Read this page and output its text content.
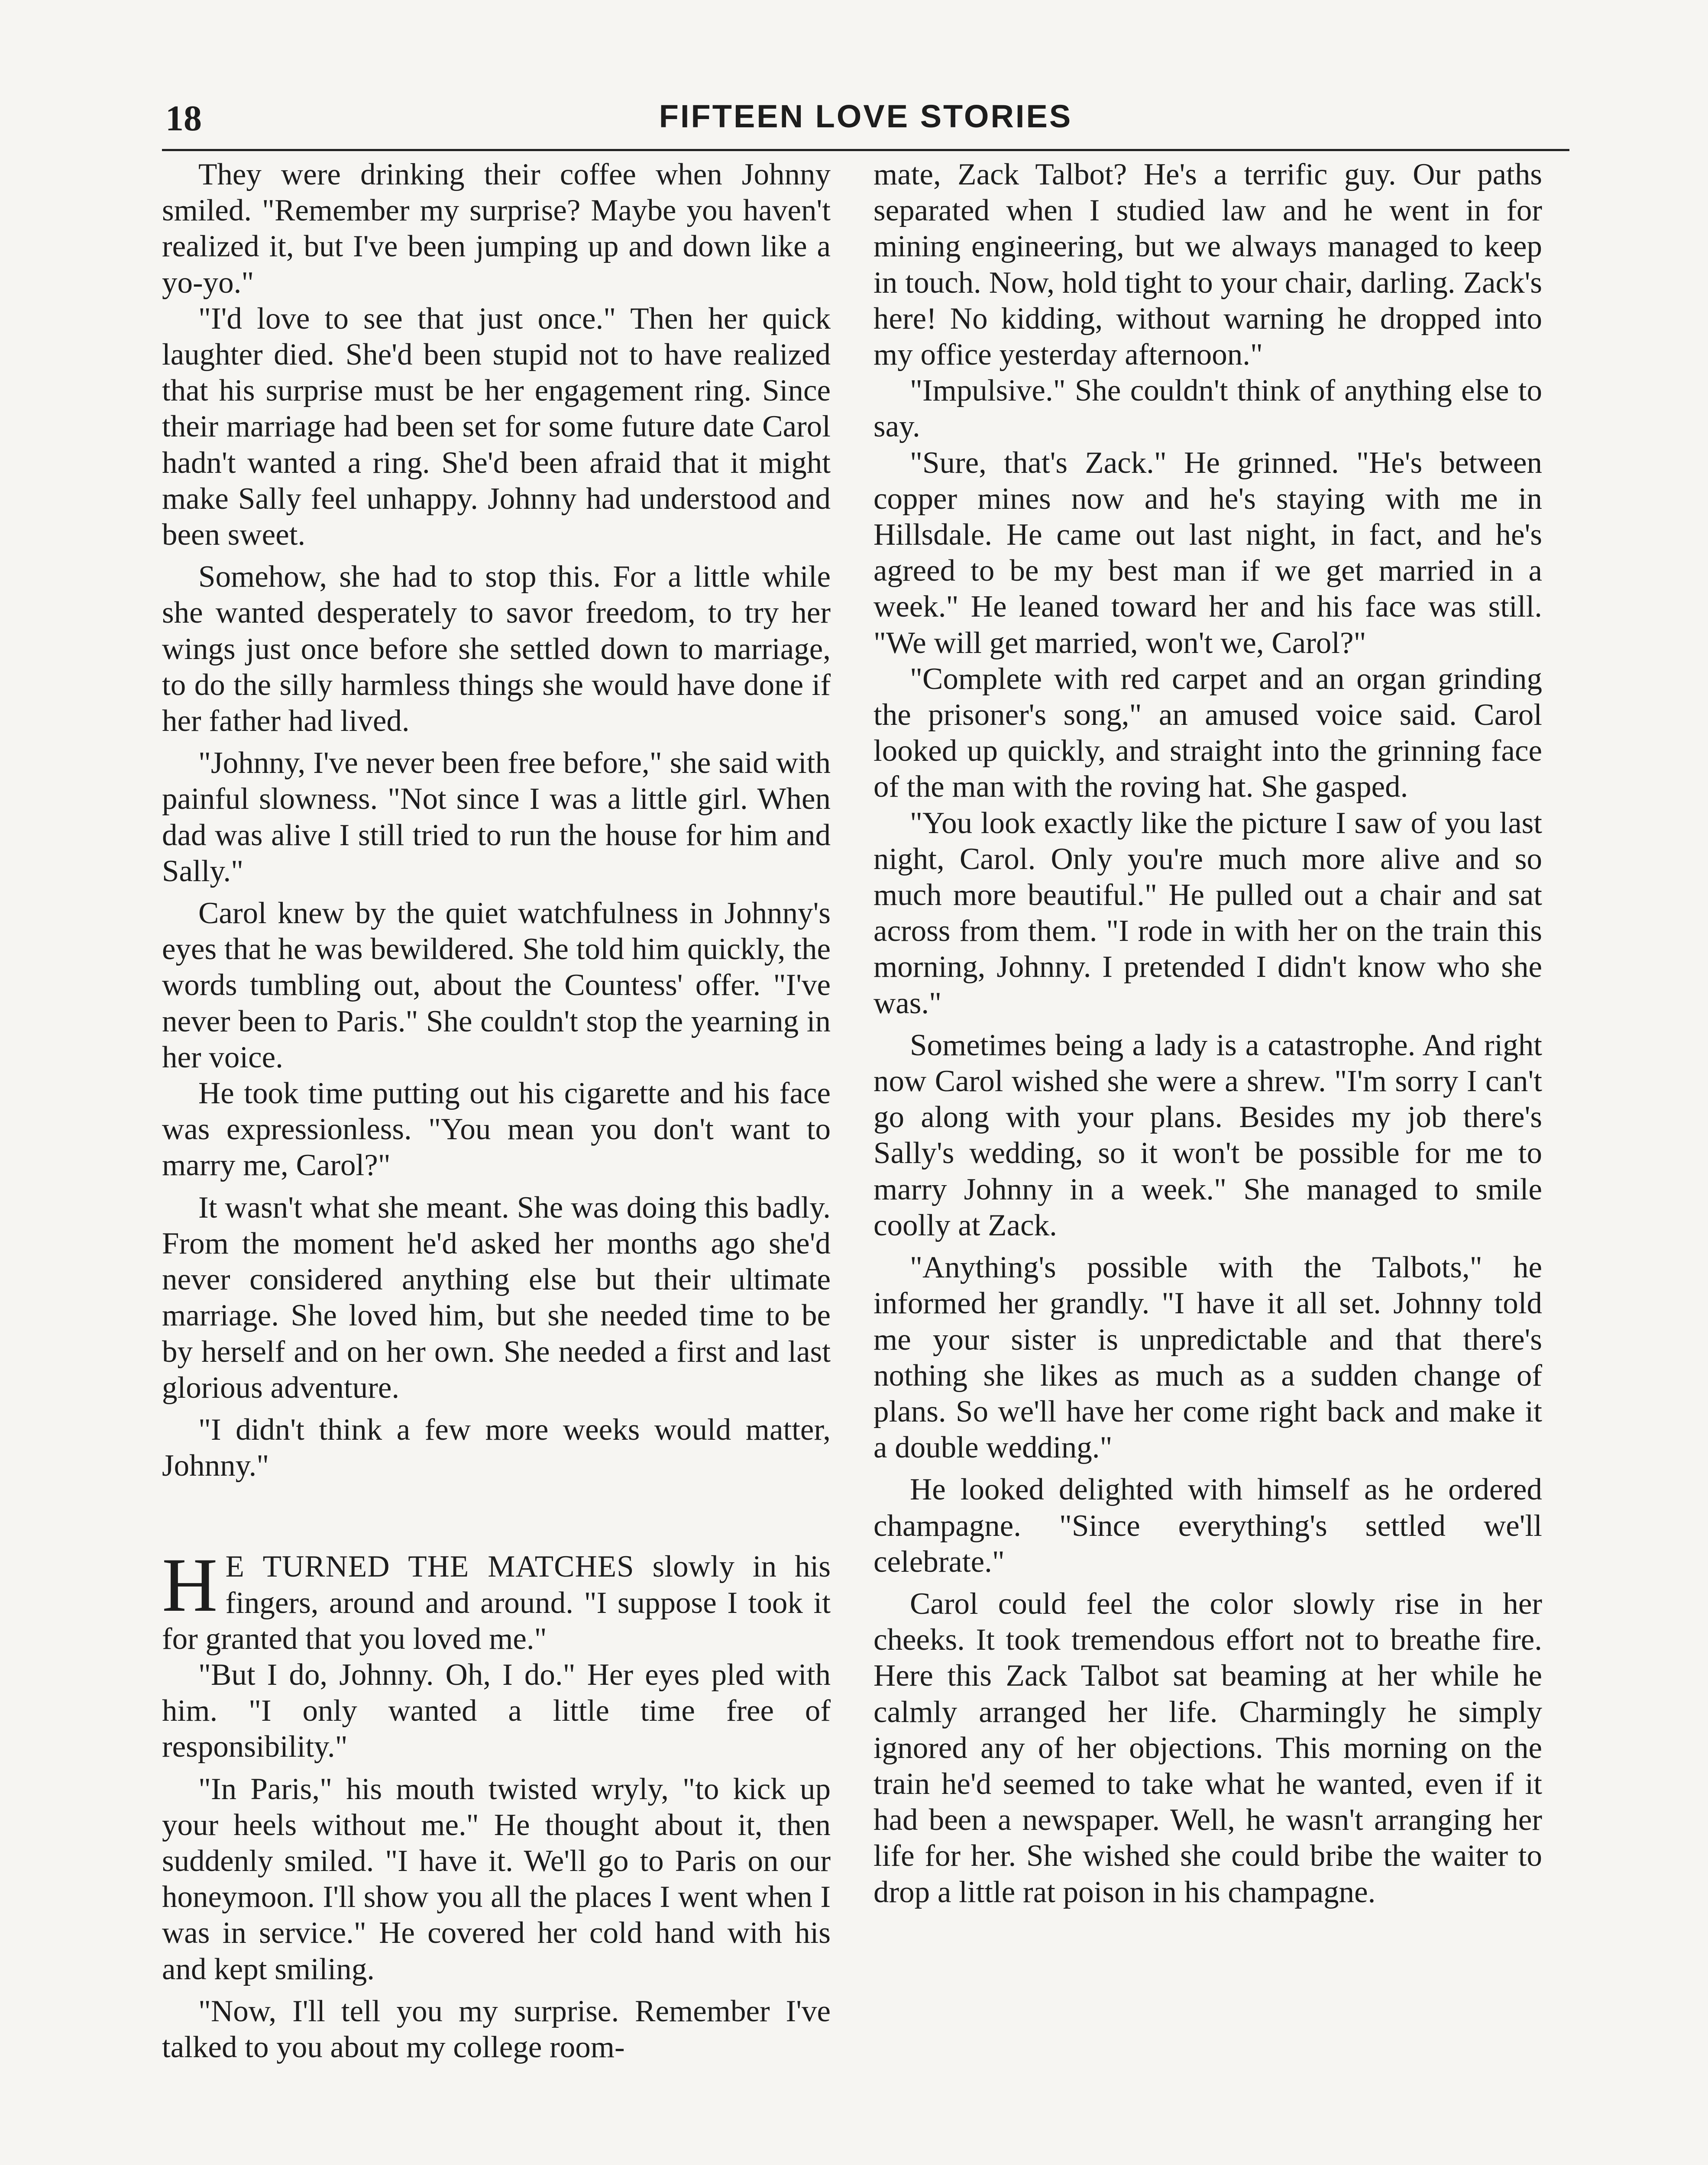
18	FIFTEEN LOVE STORIES

They were drinking their coffee when Johnny smiled. "Remember my surprise? Maybe you haven't realized it, but I've been jumping up and down like a yo-yo."

"I'd love to see that just once." Then her quick laughter died. She'd been stupid not to have realized that his surprise must be her engagement ring. Since their marriage had been set for some future date Carol hadn't wanted a ring. She'd been afraid that it might make Sally feel unhappy. Johnny had understood and been sweet.

Somehow, she had to stop this. For a little while she wanted desperately to savor freedom, to try her wings just once before she settled down to marriage, to do the silly harmless things she would have done if her father had lived.

"Johnny, I've never been free before," she said with painful slowness. "Not since I was a little girl. When dad was alive I still tried to run the house for him and Sally."

Carol knew by the quiet watchfulness in Johnny's eyes that he was bewildered. She told him quickly, the words tumbling out, about the Countess' offer. "I've never been to Paris." She couldn't stop the yearning in her voice.

He took time putting out his cigarette and his face was expressionless. "You mean you don't want to marry me, Carol?"

It wasn't what she meant. She was doing this badly. From the moment he'd asked her months ago she'd never considered anything else but their ultimate marriage. She loved him, but she needed time to be by herself and on her own. She needed a first and last glorious adventure.

"I didn't think a few more weeks would matter, Johnny."

H E TURNED THE MATCHES slowly in his fingers, around and around. "I suppose I took it for granted that you loved me."

"But I do, Johnny. Oh, I do." Her eyes pled with him. "I only wanted a little time free of responsibility."

"In Paris," his mouth twisted wryly, "to kick up your heels without me." He thought about it, then suddenly smiled. "I have it. We'll go to Paris on our honeymoon. I'll show you all the places I went when I was in service." He covered her cold hand with his and kept smiling.

"Now, I'll tell you my surprise. Remember I've talked to you about my college room-

mate, Zack Talbot? He's a terrific guy. Our paths separated when I studied law and he went in for mining engineering, but we always managed to keep in touch. Now, hold tight to your chair, darling. Zack's here! No kidding, without warning he dropped into my office yesterday afternoon."

"Impulsive." She couldn't think of anything else to say.

"Sure, that's Zack." He grinned. "He's between copper mines now and he's staying with me in Hillsdale. He came out last night, in fact, and he's agreed to be my best man if we get married in a week." He leaned toward her and his face was still. "We will get married, won't we, Carol?"

"Complete with red carpet and an organ grinding the prisoner's song," an amused voice said. Carol looked up quickly, and straight into the grinning face of the man with the roving hat. She gasped.

"You look exactly like the picture I saw of you last night, Carol. Only you're much more alive and so much more beautiful." He pulled out a chair and sat across from them. "I rode in with her on the train this morning, Johnny. I pretended I didn't know who she was."

Sometimes being a lady is a catastrophe. And right now Carol wished she were a shrew. "I'm sorry I can't go along with your plans. Besides my job there's Sally's wedding, so it won't be possible for me to marry Johnny in a week." She managed to smile coolly at Zack.

"Anything's possible with the Talbots," he informed her grandly. "I have it all set. Johnny told me your sister is unpredictable and that there's nothing she likes as much as a sudden change of plans. So we'll have her come right back and make it a double wedding."

He looked delighted with himself as he ordered champagne. "Since everything's settled we'll celebrate."

Carol could feel the color slowly rise in her cheeks. It took tremendous effort not to breathe fire. Here this Zack Talbot sat beaming at her while he calmly arranged her life. Charmingly he simply ignored any of her objections. This morning on the train he'd seemed to take what he wanted, even if it had been a newspaper. Well, he wasn't arranging her life for her. She wished she could bribe the waiter to drop a little rat poison in his champagne.
